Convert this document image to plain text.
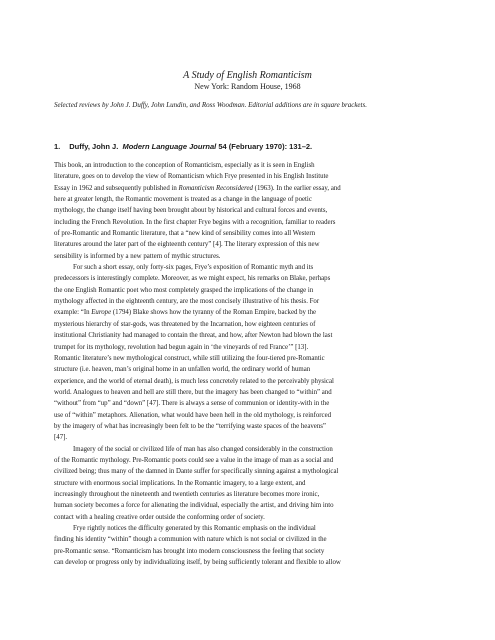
A Study of English Romanticism
New York: Random House, 1968
Selected reviews by John J. Duffy, John Lundin, and Ross Woodman. Editorial additions are in square brackets.
1. Duffy, John J. Modern Language Journal 54 (February 1970): 131–2.
This book, an introduction to the conception of Romanticism, especially as it is seen in English
literature, goes on to develop the view of Romanticism which Frye presented in his English Institute
Essay in 1962 and subsequently published in Romanticism Reconsidered (1963). In the earlier essay, and
here at greater length, the Romantic movement is treated as a change in the language of poetic
mythology, the change itself having been brought about by historical and cultural forces and events,
including the French Revolution. In the first chapter Frye begins with a recognition, familiar to readers
of pre-Romantic and Romantic literature, that a “new kind of sensibility comes into all Western
literatures around the later part of the eighteenth century” [4]. The literary expression of this new
sensibility is informed by a new pattern of mythic structures.
For such a short essay, only forty-six pages, Frye’s exposition of Romantic myth and its
predecessors is interestingly complete. Moreover, as we might expect, his remarks on Blake, perhaps
the one English Romantic poet who most completely grasped the implications of the change in
mythology affected in the eighteenth century, are the most concisely illustrative of his thesis. For
example: “In Europe (1794) Blake shows how the tyranny of the Roman Empire, backed by the
mysterious hierarchy of star-gods, was threatened by the Incarnation, how eighteen centuries of
institutional Christianity had managed to contain the threat, and how, after Newton had blown the last
trumpet for its mythology, revolution had begun again in ‘the vineyards of red France’” [13].
Romantic literature’s new mythological construct, while still utilizing the four-tiered pre-Romantic
structure (i.e. heaven, man’s original home in an unfallen world, the ordinary world of human
experience, and the world of eternal death), is much less concretely related to the perceivably physical
world. Analogues to heaven and hell are still there, but the imagery has been changed to “within” and
“without” from “up” and “down” [47]. There is always a sense of communion or identity-with in the
use of “within” metaphors. Alienation, what would have been hell in the old mythology, is reinforced
by the imagery of what has increasingly been felt to be the “terrifying waste spaces of the heavens”
[47].
Imagery of the social or civilized life of man has also changed considerably in the construction
of the Romantic mythology. Pre-Romantic poets could see a value in the image of man as a social and
civilized being; thus many of the damned in Dante suffer for specifically sinning against a mythological
structure with enormous social implications. In the Romantic imagery, to a large extent, and
increasingly throughout the nineteenth and twentieth centuries as literature becomes more ironic,
human society becomes a force for alienating the individual, especially the artist, and driving him into
contact with a healing creative order outside the conforming order of society.
Frye rightly notices the difficulty generated by this Romantic emphasis on the individual
finding his identity “within” though a communion with nature which is not social or civilized in the
pre-Romantic sense. “Romanticism has brought into modern consciousness the feeling that society
can develop or progress only by individualizing itself, by being sufficiently tolerant and flexible to allow
